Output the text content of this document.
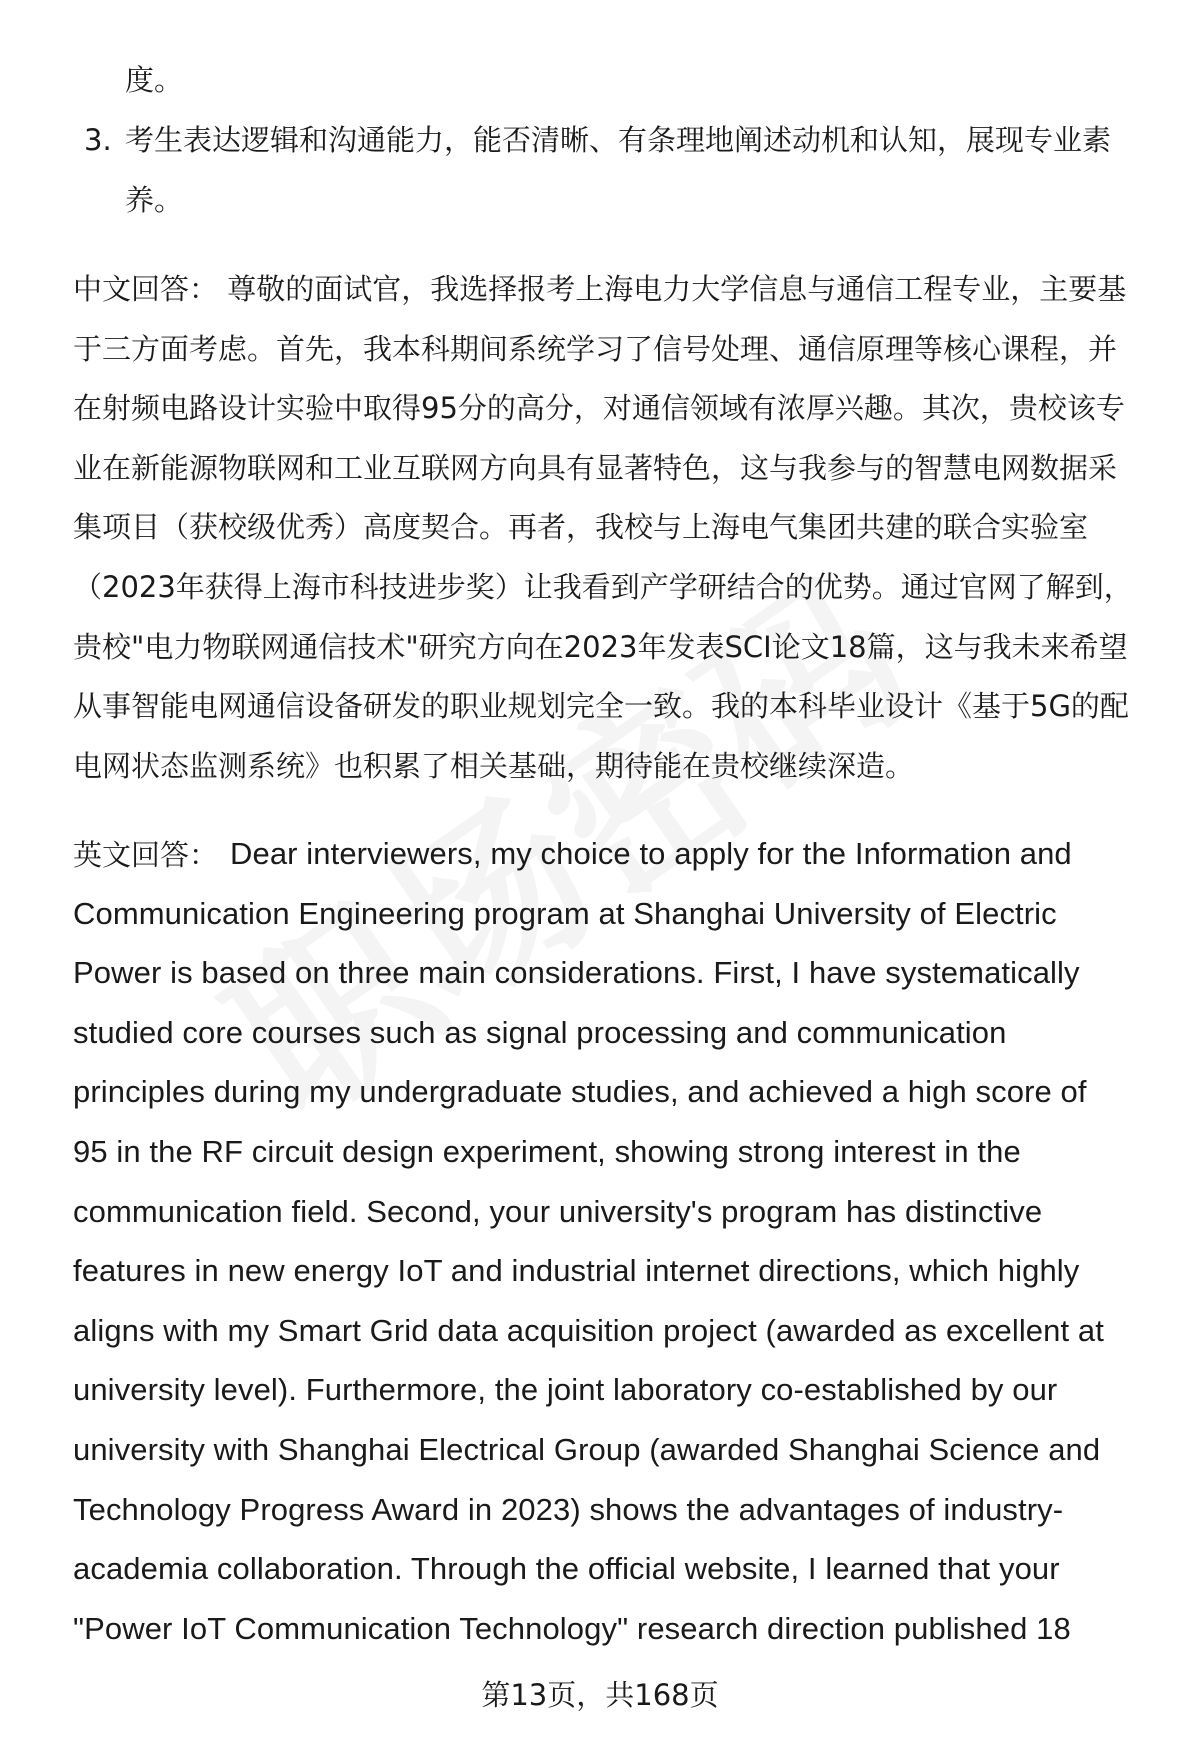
度。
3. 考生表达逻辑和沟通能力，能否清晰、有条理地阐述动机和认知，展现专业素
养。
中文回答： 尊敬的面试官，我选择报考上海电力大学信息与通信工程专业，主要基
于三方面考虑。首先，我本科期间系统学习了信号处理、通信原理等核心课程，并
在射频电路设计实验中取得95分的高分，对通信领域有浓厚兴趣。其次，贵校该专
业在新能源物联网和工业互联网方向具有显著特色，这与我参与的智慧电网数据采
集项目（获校级优秀）高度契合。再者，我校与上海电气集团共建的联合实验室
（2023年获得上海市科技进步奖）让我看到产学研结合的优势。通过官网了解到，
贵校"电力物联网通信技术"研究方向在2023年发表SCI论文18篇，这与我未来希望
从事智能电网通信设备研发的职业规划完全一致。我的本科毕业设计《基于5G的配
电网状态监测系统》也积累了相关基础，期待能在贵校继续深造。
英文回答： Dear interviewers, my choice to apply for the Information and
Communication Engineering program at Shanghai University of Electric
Power is based on three main considerations. First, I have systematically
studied core courses such as signal processing and communication
principles during my undergraduate studies, and achieved a high score of
95 in the RF circuit design experiment, showing strong interest in the
communication field. Second, your university's program has distinctive
features in new energy IoT and industrial internet directions, which highly
aligns with my Smart Grid data acquisition project (awarded as excellent at
university level). Furthermore, the joint laboratory co-established by our
university with Shanghai Electrical Group (awarded Shanghai Science and
Technology Progress Award in 2023) shows the advantages of industry-
academia collaboration. Through the official website, I learned that your
"Power IoT Communication Technology" research direction published 18
第13页，共168页
